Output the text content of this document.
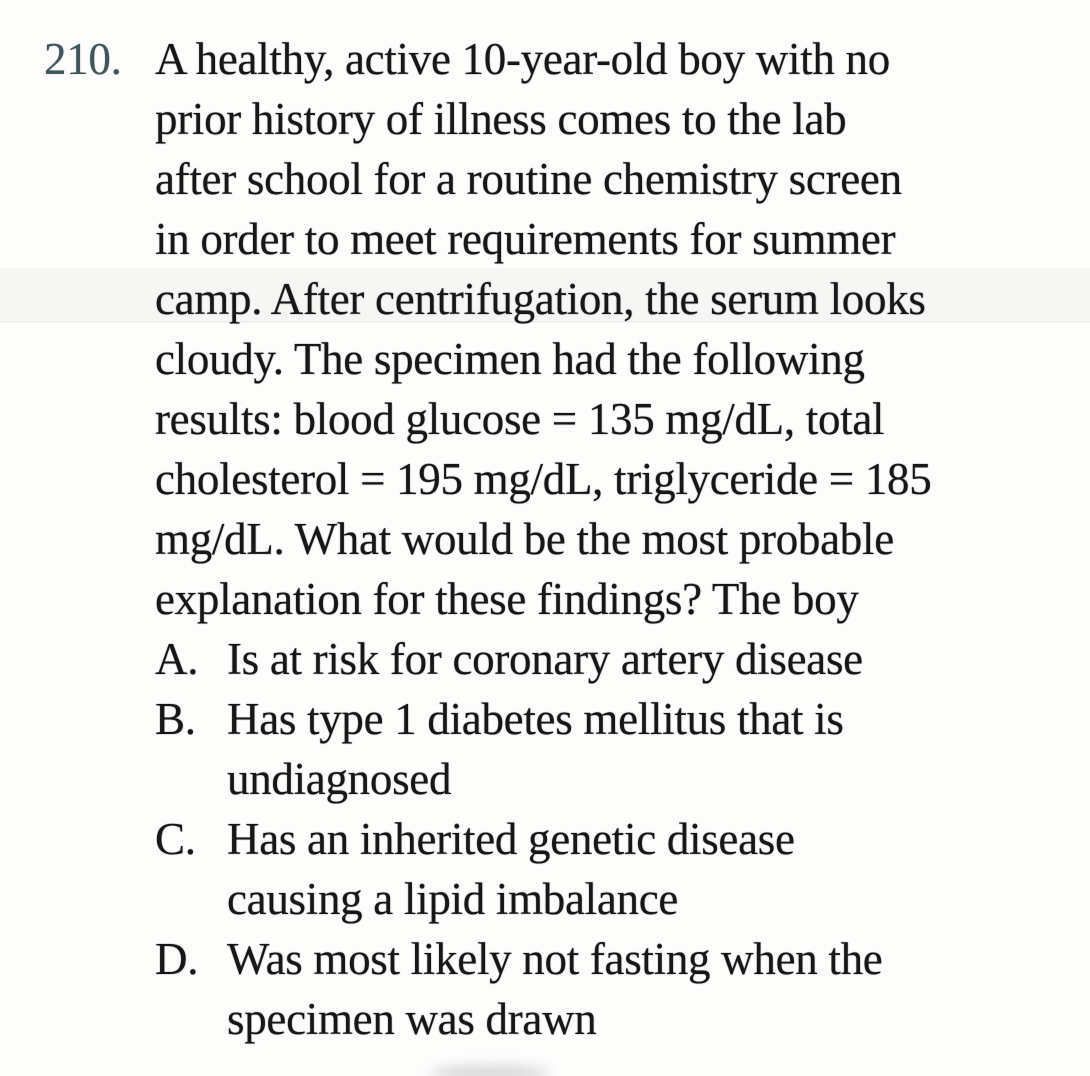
210. A healthy, active 10-year-old boy with no
prior history of illness comes to the lab
after school for a routine chemistry screen
in order to meet requirements for summer
camp. After centrifugation, the serum looks
cloudy. The specimen had the following
results: blood glucose = 135 mg/dL, total
cholesterol = 195 mg/dL, triglyceride = 185
mg/dL. What would be the most probable
explanation for these findings? The boy
A. Is at risk for coronary artery disease
B. Has type 1 diabetes mellitus that is
undiagnosed
C. Has an inherited genetic disease
causing a lipid imbalance
D. Was most likely not fasting when the
specimen was drawn
